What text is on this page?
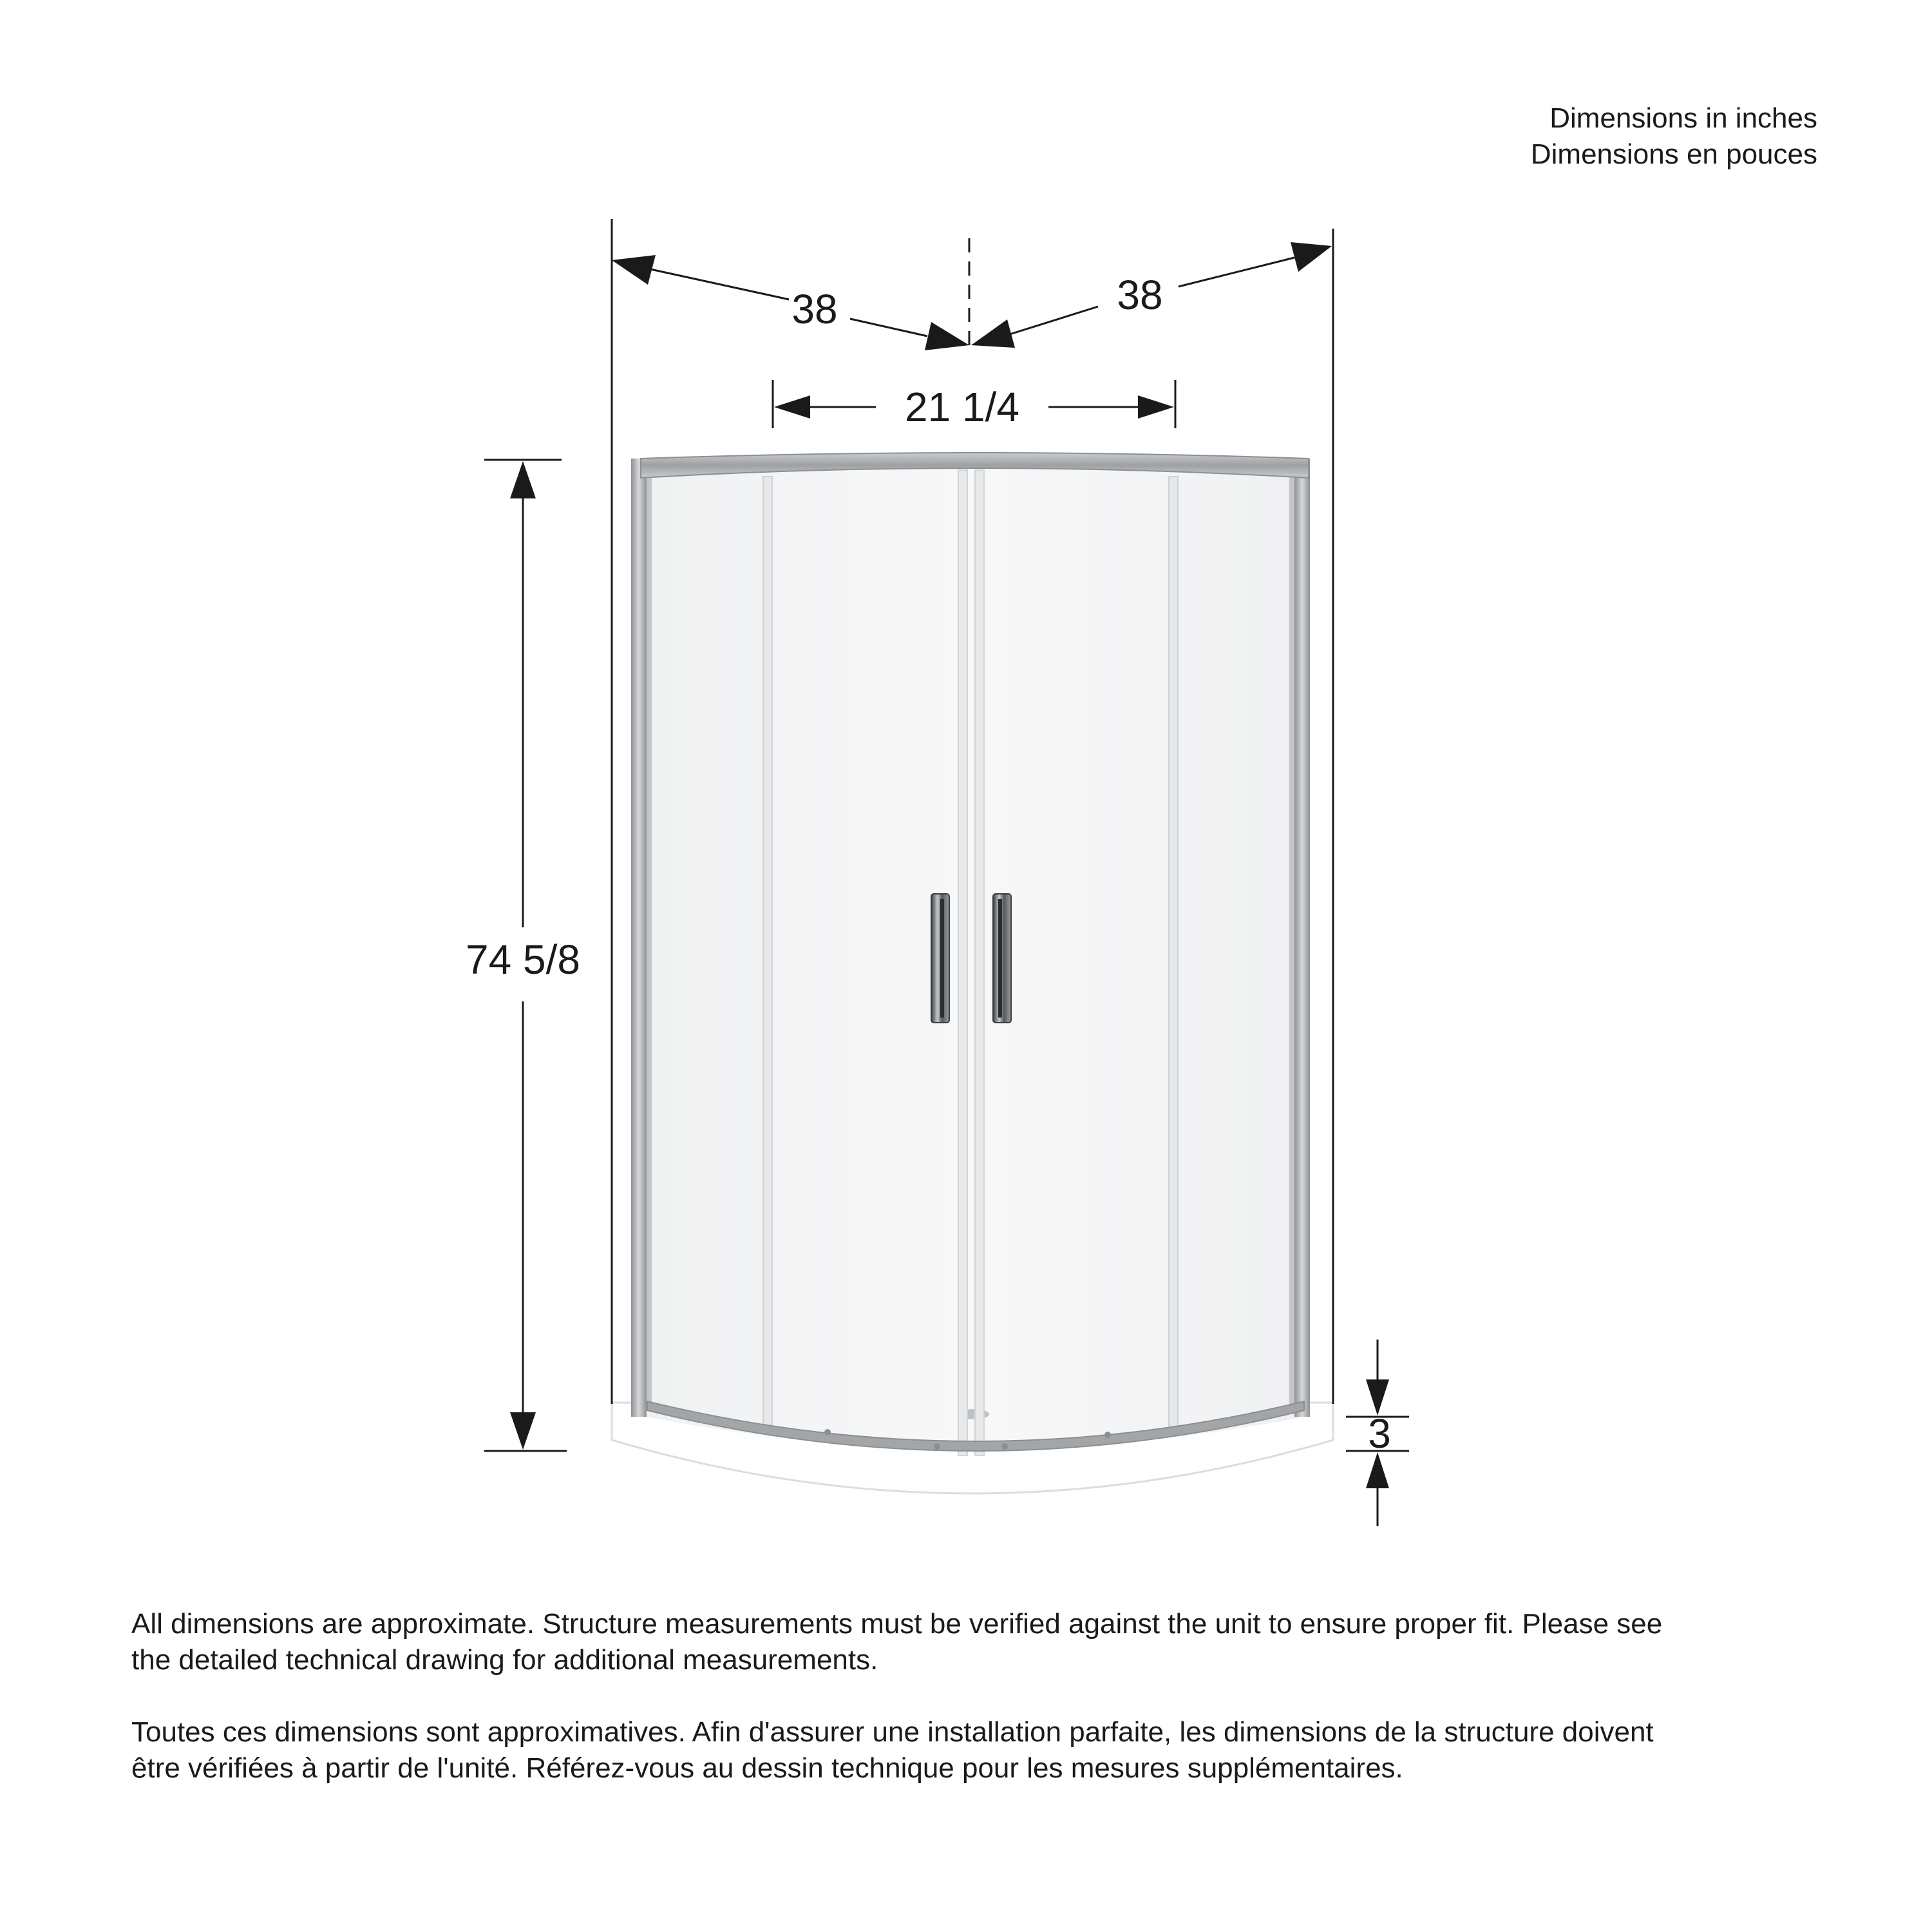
Dimensions in inches
Dimensions en pouces
38	38
21 1/4
74 5/8
3

All dimensions are approximate. Structure measurements must be verified against the unit to ensure proper fit. Please see the detailed technical drawing for additional measurements.

Toutes ces dimensions sont approximatives. Afin d'assurer une installation parfaite, les dimensions de la structure doivent être vérifiées à partir de l'unité. Référez-vous au dessin technique pour les mesures supplémentaires.
